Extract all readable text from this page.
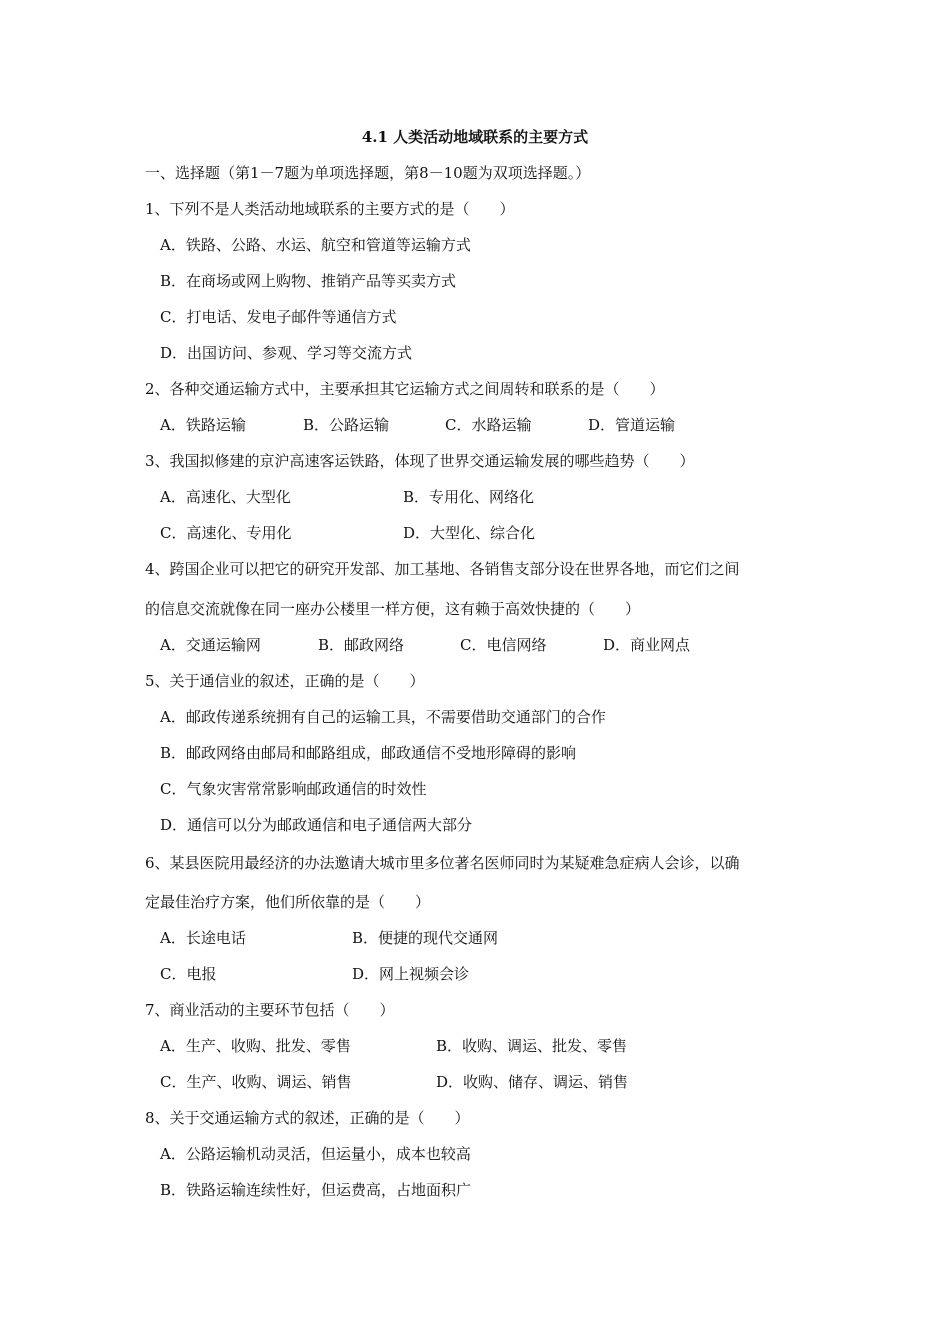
4.1 人类活动地域联系的主要方式
一、选择题（第1－7题为单项选择题，第8－10题为双项选择题。）
1、下列不是人类活动地域联系的主要方式的是（　　）
A．铁路、公路、水运、航空和管道等运输方式
B．在商场或网上购物、推销产品等买卖方式
C．打电话、发电子邮件等通信方式
D．出国访问、参观、学习等交流方式
2、各种交通运输方式中，主要承担其它运输方式之间周转和联系的是（　　）
A．铁路运输	B．公路运输	C．水路运输	D．管道运输
3、我国拟修建的京沪高速客运铁路，体现了世界交通运输发展的哪些趋势（　　）
A．高速化、大型化	B．专用化、网络化
C．高速化、专用化	D．大型化、综合化
4、跨国企业可以把它的研究开发部、加工基地、各销售支部分设在世界各地，而它们之间
的信息交流就像在同一座办公楼里一样方便，这有赖于高效快捷的（　　）
A．交通运输网	B．邮政网络	C．电信网络	D．商业网点
5、关于通信业的叙述，正确的是（　　）
A．邮政传递系统拥有自己的运输工具，不需要借助交通部门的合作
B．邮政网络由邮局和邮路组成，邮政通信不受地形障碍的影响
C．气象灾害常常影响邮政通信的时效性
D．通信可以分为邮政通信和电子通信两大部分
6、某县医院用最经济的办法邀请大城市里多位著名医师同时为某疑难急症病人会诊，以确
定最佳治疗方案，他们所依靠的是（　　）
A．长途电话	B．便捷的现代交通网
C．电报	D．网上视频会诊
7、商业活动的主要环节包括（　　）
A．生产、收购、批发、零售	B．收购、调运、批发、零售
C．生产、收购、调运、销售	D．收购、储存、调运、销售
8、关于交通运输方式的叙述，正确的是（　　）
A．公路运输机动灵活，但运量小，成本也较高
B．铁路运输连续性好，但运费高，占地面积广
